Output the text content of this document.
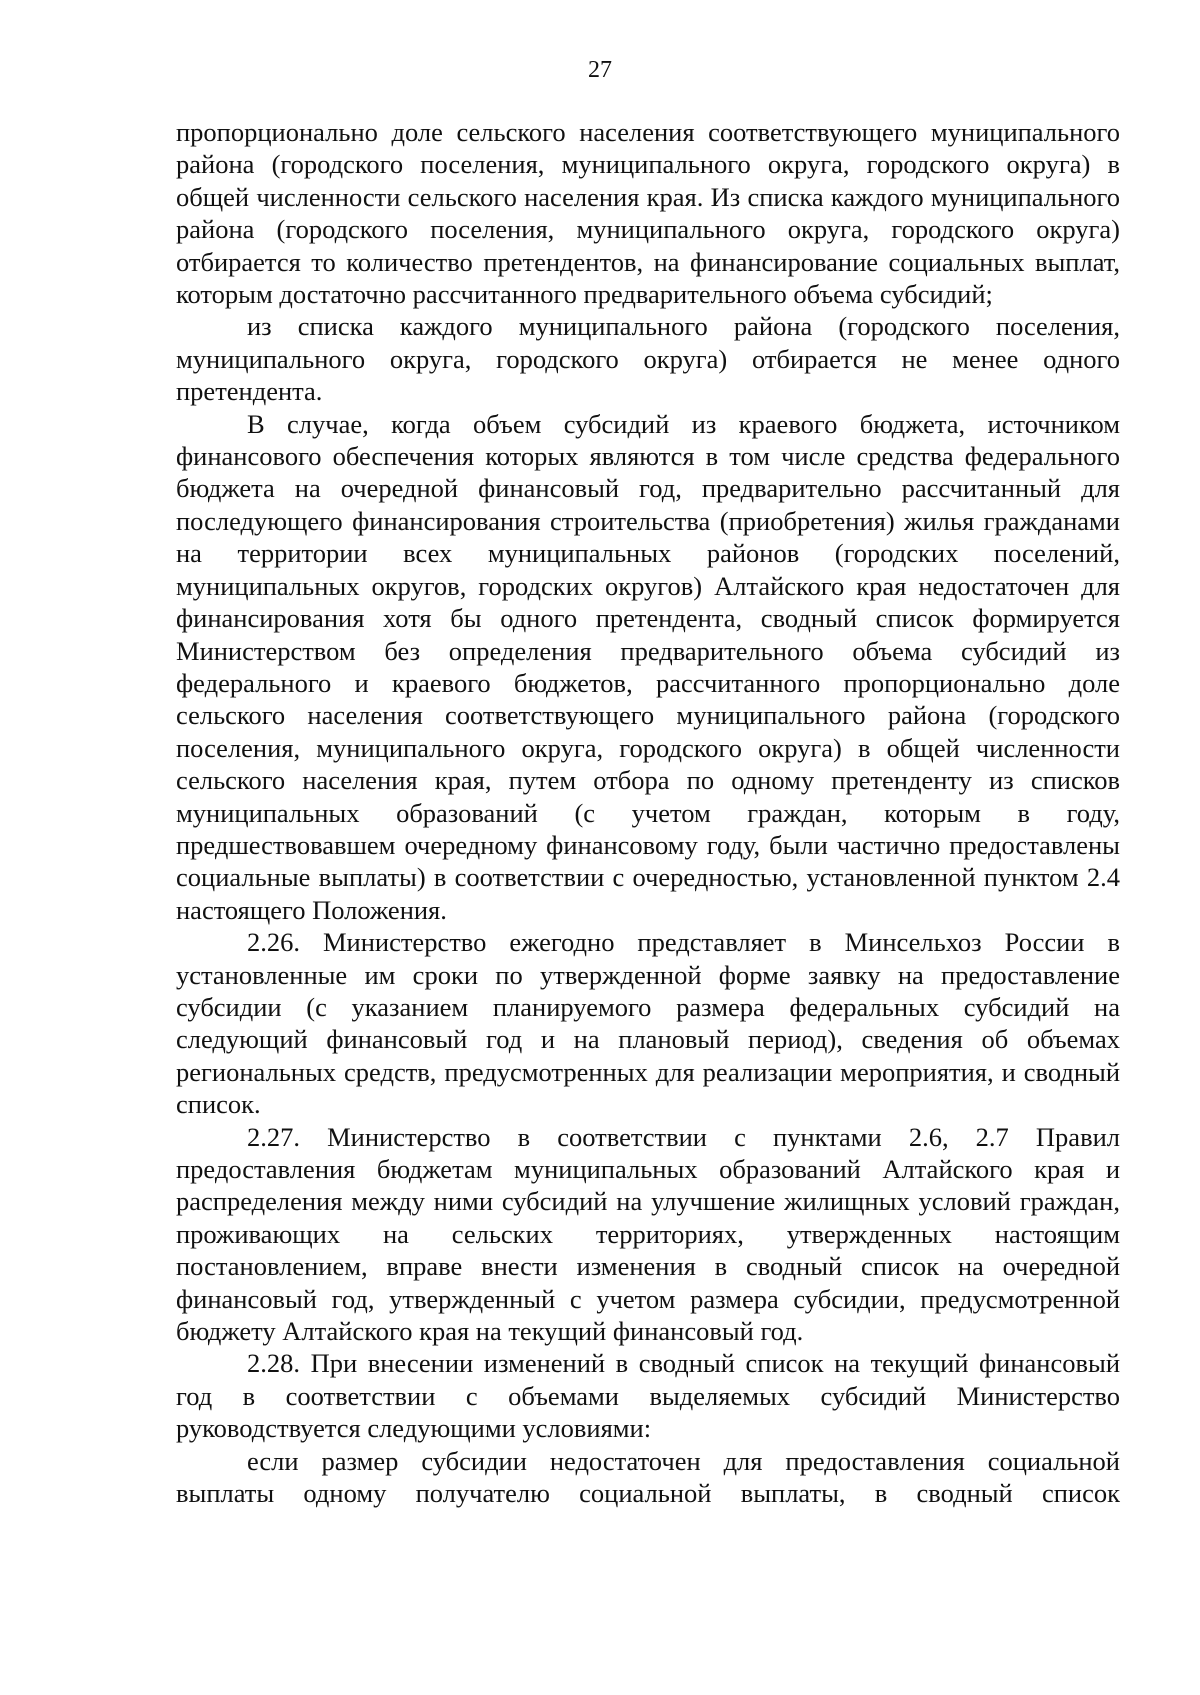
27

пропорционально доле сельского населения соответствующего муниципального района (городского поселения, муниципального округа, городского округа) в общей численности сельского населения края. Из списка каждого муниципального района (городского поселения, муниципального округа, городского округа) отбирается то количество претендентов, на финансирование социальных выплат, которым достаточно рассчитанного предварительного объема субсидий;

из списка каждого муниципального района (городского поселения, муниципального округа, городского округа) отбирается не менее одного претендента.

В случае, когда объем субсидий из краевого бюджета, источником финансового обеспечения которых являются в том числе средства федерального бюджета на очередной финансовый год, предварительно рассчитанный для последующего финансирования строительства (приобретения) жилья гражданами на территории всех муниципальных районов (городских поселений, муниципальных округов, городских округов) Алтайского края недостаточен для финансирования хотя бы одного претендента, сводный список формируется Министерством без определения предварительного объема субсидий из федерального и краевого бюджетов, рассчитанного пропорционально доле сельского населения соответствующего муниципального района (городского поселения, муниципального округа, городского округа) в общей численности сельского населения края, путем отбора по одному претенденту из списков муниципальных образований (с учетом граждан, которым в году, предшествовавшем очередному финансовому году, были частично предоставлены социальные выплаты) в соответствии с очередностью, установленной пунктом 2.4 настоящего Положения.

2.26. Министерство ежегодно представляет в Минсельхоз России в установленные им сроки по утвержденной форме заявку на предоставление субсидии (с указанием планируемого размера федеральных субсидий на следующий финансовый год и на плановый период), сведения об объемах региональных средств, предусмотренных для реализации мероприятия, и сводный список.

2.27. Министерство в соответствии с пунктами 2.6, 2.7 Правил предоставления бюджетам муниципальных образований Алтайского края и распределения между ними субсидий на улучшение жилищных условий граждан, проживающих на сельских территориях, утвержденных настоящим постановлением, вправе внести изменения в сводный список на очередной финансовый год, утвержденный с учетом размера субсидии, предусмотренной бюджету Алтайского края на текущий финансовый год.

2.28. При внесении изменений в сводный список на текущий финансовый год в соответствии с объемами выделяемых субсидий Министерство руководствуется следующими условиями:

если размер субсидии недостаточен для предоставления социальной выплаты одному получателю социальной выплаты, в сводный список
